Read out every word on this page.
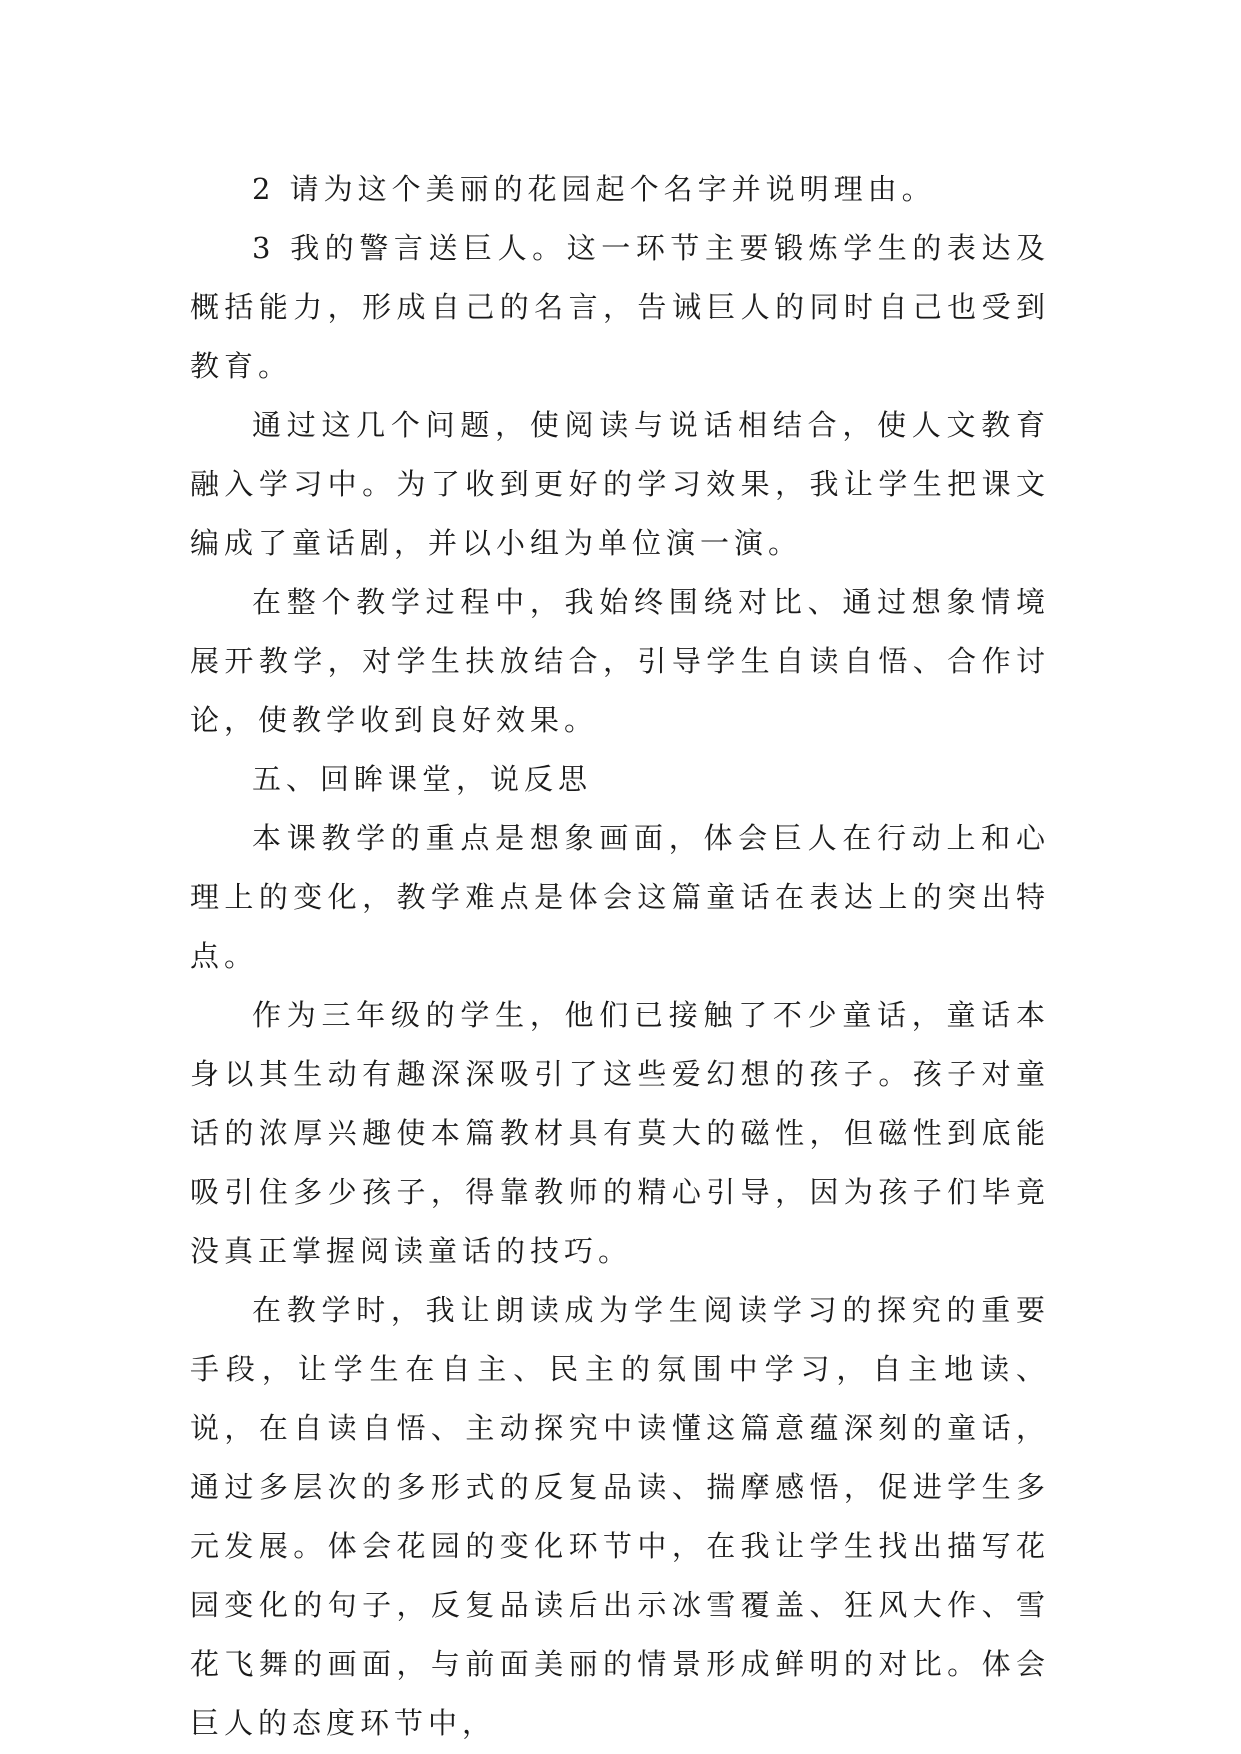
2 请为这个美丽的花园起个名字并说明理由。

3 我的警言送巨人。这一环节主要锻炼学生的表达及概括能力，形成自己的名言，告诫巨人的同时自己也受到教育。

通过这几个问题，使阅读与说话相结合，使人文教育融入学习中。为了收到更好的学习效果，我让学生把课文编成了童话剧，并以小组为单位演一演。

在整个教学过程中，我始终围绕对比、通过想象情境展开教学，对学生扶放结合，引导学生自读自悟、合作讨论，使教学收到良好效果。

五、回眸课堂，说反思

本课教学的重点是想象画面，体会巨人在行动上和心理上的变化，教学难点是体会这篇童话在表达上的突出特点。

作为三年级的学生，他们已接触了不少童话，童话本身以其生动有趣深深吸引了这些爱幻想的孩子。孩子对童话的浓厚兴趣使本篇教材具有莫大的磁性，但磁性到底能吸引住多少孩子，得靠教师的精心引导，因为孩子们毕竟没真正掌握阅读童话的技巧。

在教学时，我让朗读成为学生阅读学习的探究的重要手段，让学生在自主、民主的氛围中学习，自主地读、说，在自读自悟、主动探究中读懂这篇意蕴深刻的童话，通过多层次的多形式的反复品读、揣摩感悟，促进学生多元发展。体会花园的变化环节中，在我让学生找出描写花园变化的句子，反复品读后出示冰雪覆盖、狂风大作、雪花飞舞的画面，与前面美丽的情景形成鲜明的对比。体会巨人的态度环节中，
